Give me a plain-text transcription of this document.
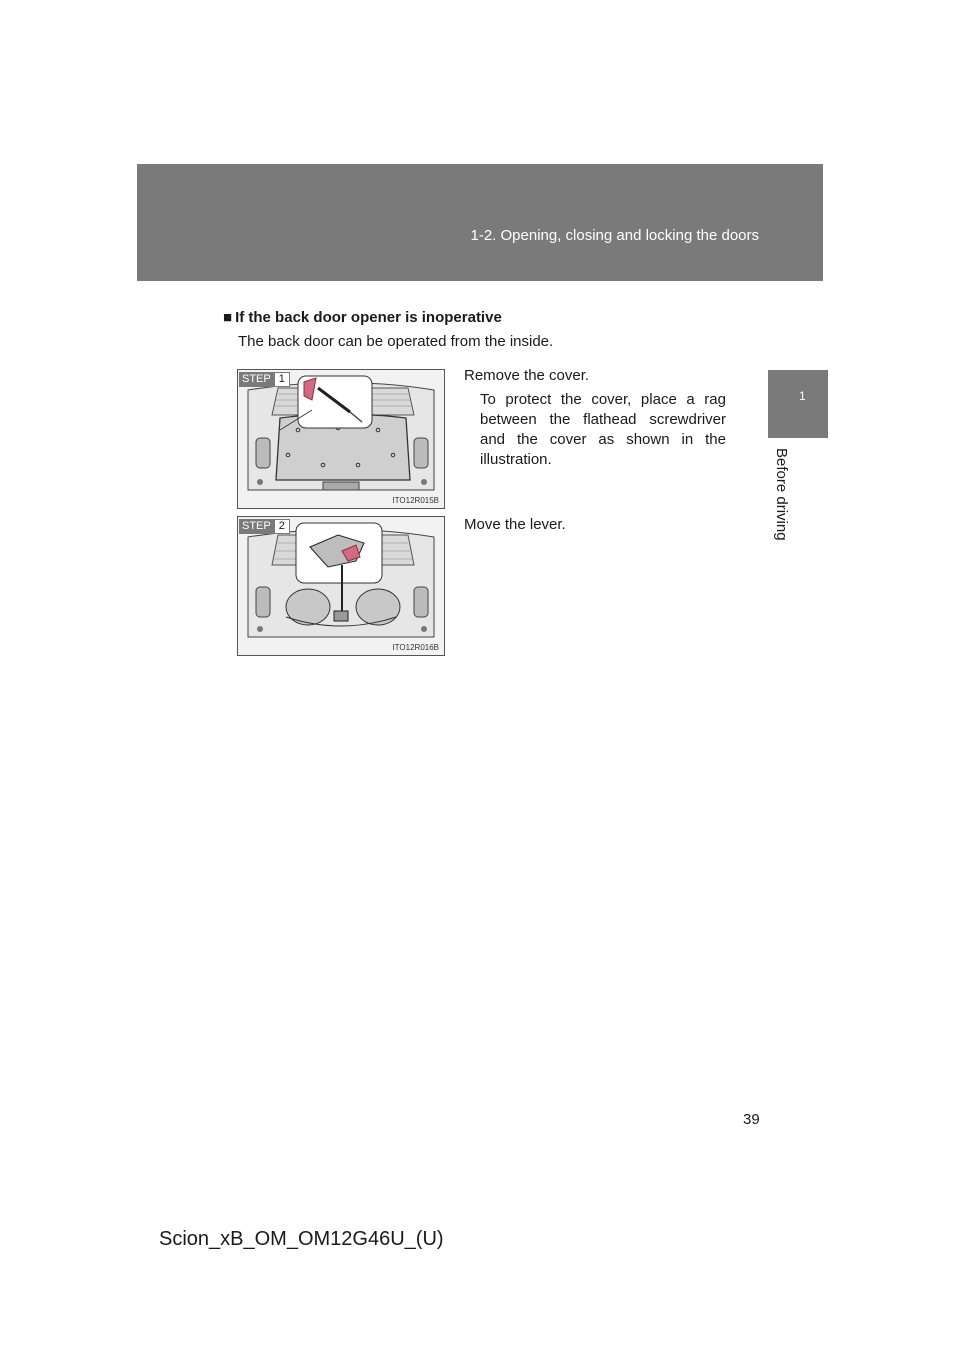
1-2. Opening, closing and locking the doors
1
Before driving
■ If the back door opener is inoperative
The back door can be operated from the inside.
STEP 1
ITO12R015B
Remove the cover.
To protect the cover, place a rag between the flathead screwdriver and the cover as shown in the illustration.
STEP 2
ITO12R016B
Move the lever.
39
Scion_xB_OM_OM12G46U_(U)
